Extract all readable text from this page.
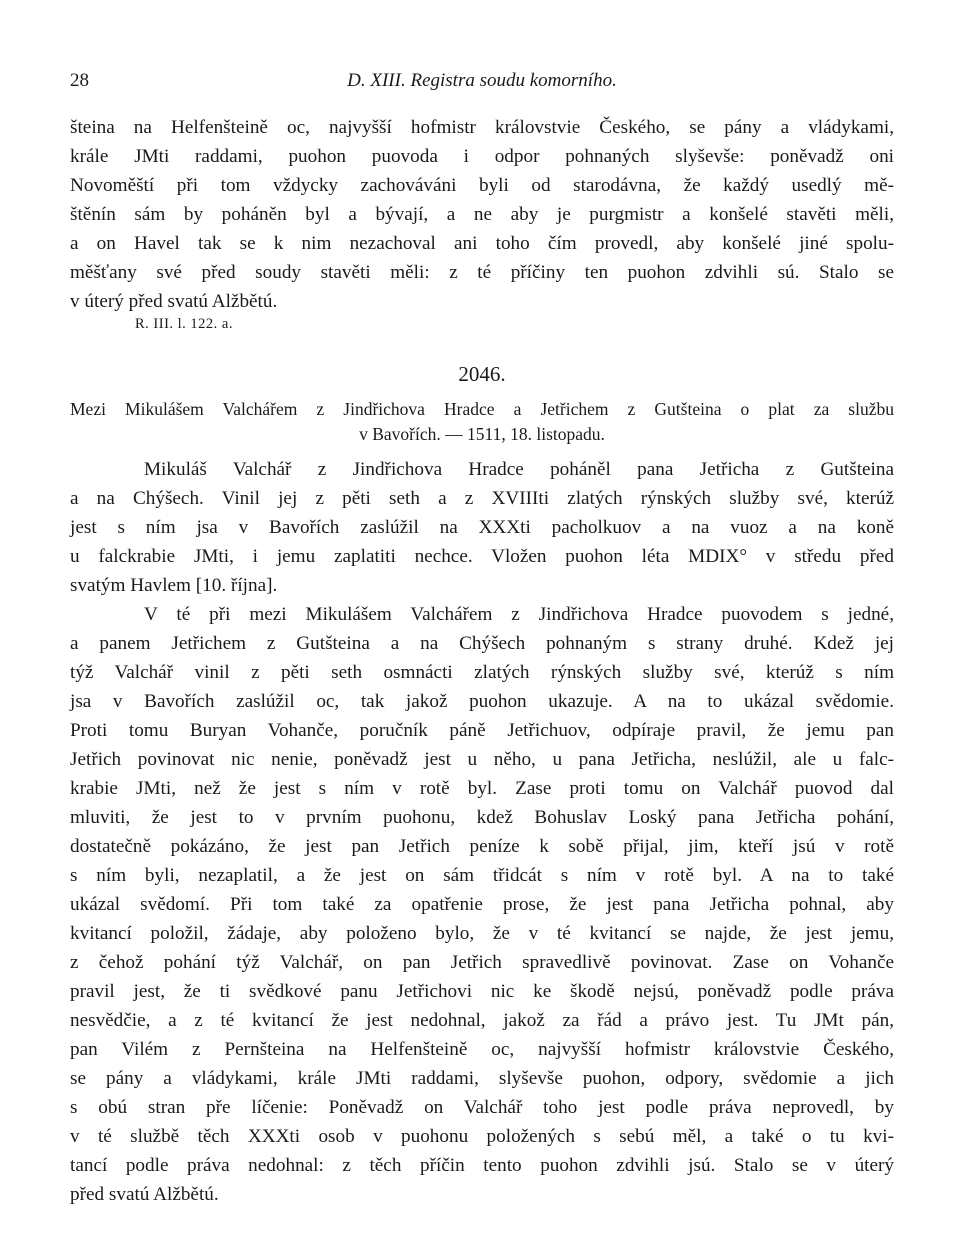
28	D. XIII. Registra soudu komorního.
šteina na Helfenšteině oc, najvyšší hofmistr královstvie Českého, se pány a vládykami,
krále JMti raddami, puohon puovoda i odpor pohnaných slyševše: poněvadž oni
Novoměští při tom vždycky zachováváni byli od starodávna, že každý usedlý mě-
štěnín sám by poháněn byl a bývají, a ne aby je purgmistr a konšelé stavěti měli,
a on Havel tak se k nim nezachoval ani toho čím provedl, aby konšelé jiné spolu-
měšťany své před soudy stavěti měli: z té příčiny ten puohon zdvihli sú. Stalo se
v úterý před svatú Alžbětú.
R. III. l. 122. a.
2046.
Mezi Mikulášem Valchářem z Jindřichova Hradce a Jetřichem z Gutšteina o plat za službu
v Bavořích. — 1511, 18. listopadu.
Mikuláš Valchář z Jindřichova Hradce poháněl pana Jetřicha z Gutšteina
a na Chýšech. Vinil jej z pěti seth a z XVIIIti zlatých rýnských služby své, kterúž
jest s ním jsa v Bavořích zaslúžil na XXXti pacholkuov a na vuoz a na koně
u falckrabie JMti, i jemu zaplatiti nechce. Vložen puohon léta MDIX° v středu před
svatým Havlem [10. října].
V té při mezi Mikulášem Valchářem z Jindřichova Hradce puovodem s jedné,
a panem Jetřichem z Gutšteina a na Chýšech pohnaným s strany druhé. Kdež jej
týž Valchář vinil z pěti seth osmnácti zlatých rýnských služby své, kterúž s ním
jsa v Bavořích zaslúžil oc, tak jakož puohon ukazuje. A na to ukázal svědomie.
Proti tomu Buryan Vohanče, poručník páně Jetřichuov, odpíraje pravil, že jemu pan
Jetřich povinovat nic nenie, poněvadž jest u něho, u pana Jetřicha, neslúžil, ale u falc-
krabie JMti, než že jest s ním v rotě byl. Zase proti tomu on Valchář puovod dal
mluviti, že jest to v prvním puohonu, kdež Bohuslav Loský pana Jetřicha pohání,
dostatečně pokázáno, že jest pan Jetřich peníze k sobě přijal, jim, kteří jsú v rotě
s ním byli, nezaplatil, a že jest on sám třidcát s ním v rotě byl. A na to také
ukázal svědomí. Při tom také za opatřenie prose, že jest pana Jetřicha pohnal, aby
kvitancí položil, žádaje, aby položeno bylo, že v té kvitancí se najde, že jest jemu,
z čehož pohání týž Valchář, on pan Jetřich spravedlivě povinovat. Zase on Vohanče
pravil jest, že ti svědkové panu Jetřichovi nic ke škodě nejsú, poněvadž podle práva
nesvědčie, a z té kvitancí že jest nedohnal, jakož za řád a právo jest. Tu JMt pán,
pan Vilém z Pernšteina na Helfenšteině oc, najvyšší hofmistr královstvie Českého,
se pány a vládykami, krále JMti raddami, slyševše puohon, odpory, svědomie a jich
s obú stran pře líčenie: Poněvadž on Valchář toho jest podle práva neprovedl, by
v té službě těch XXXti osob v puohonu položených s sebú měl, a také o tu kvi-
tancí podle práva nedohnal: z těch příčin tento puohon zdvihli jsú. Stalo se v úterý
před svatú Alžbětú.
